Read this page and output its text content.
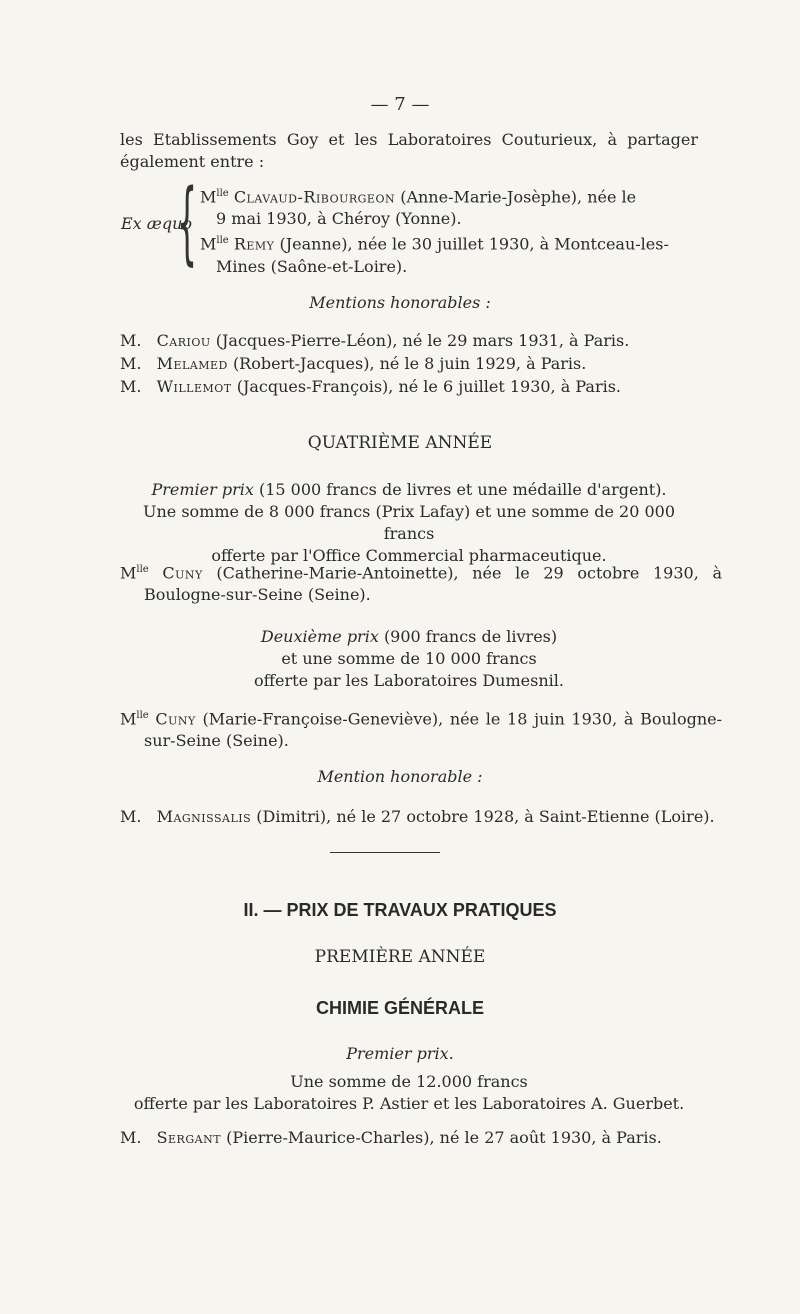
— 7 —
les Etablissements Goy et les Laboratoires Couturieux, à partager également entre :
Ex æquo
{ $M^{lle}$ Clavaud-Ribourgeon (Anne-Marie-Josèphe), née le
9 mai 1930, à Chéroy (Yonne).

$M^{lle}$ Remy (Jeanne), née le 30 juillet 1930, à Montceau-les-
Mines (Saône-et-Loire).

Mentions honorables :
M. Cariou (Jacques-Pierre-Léon), né le 29 mars 1931, à Paris.
M. Melamed (Robert-Jacques), né le 8 juin 1929, à Paris.
M. Willemot (Jacques-François), né le 6 juillet 1930, à Paris.
QUATRIÈME ANNÉE
Premier prix (15 000 francs de livres et une médaille d'argent).
Une somme de 8 000 francs (Prix Lafay) et une somme de 20 000 francs
offerte par l'Office Commercial pharmaceutique.
$M^{lle}$ Cuny (Catherine-Marie-Antoinette), née le 29 octobre 1930, à Boulogne-sur-Seine (Seine).
Deuxième prix (900 francs de livres)
et une somme de 10 000 francs
offerte par les Laboratoires Dumesnil.
$M^{lle}$ Cuny (Marie-Françoise-Geneviève), née le 18 juin 1930, à Boulogne-sur-Seine (Seine).
Mention honorable :
M. Magnissalis (Dimitri), né le 27 octobre 1928, à Saint-Etienne (Loire).
II. — PRIX DE TRAVAUX PRATIQUES
PREMIÈRE ANNÉE
CHIMIE GÉNÉRALE
Premier prix.
Une somme de 12.000 francs
offerte par les Laboratoires P. Astier et les Laboratoires A. Guerbet.
M. Sergant (Pierre-Maurice-Charles), né le 27 août 1930, à Paris.
